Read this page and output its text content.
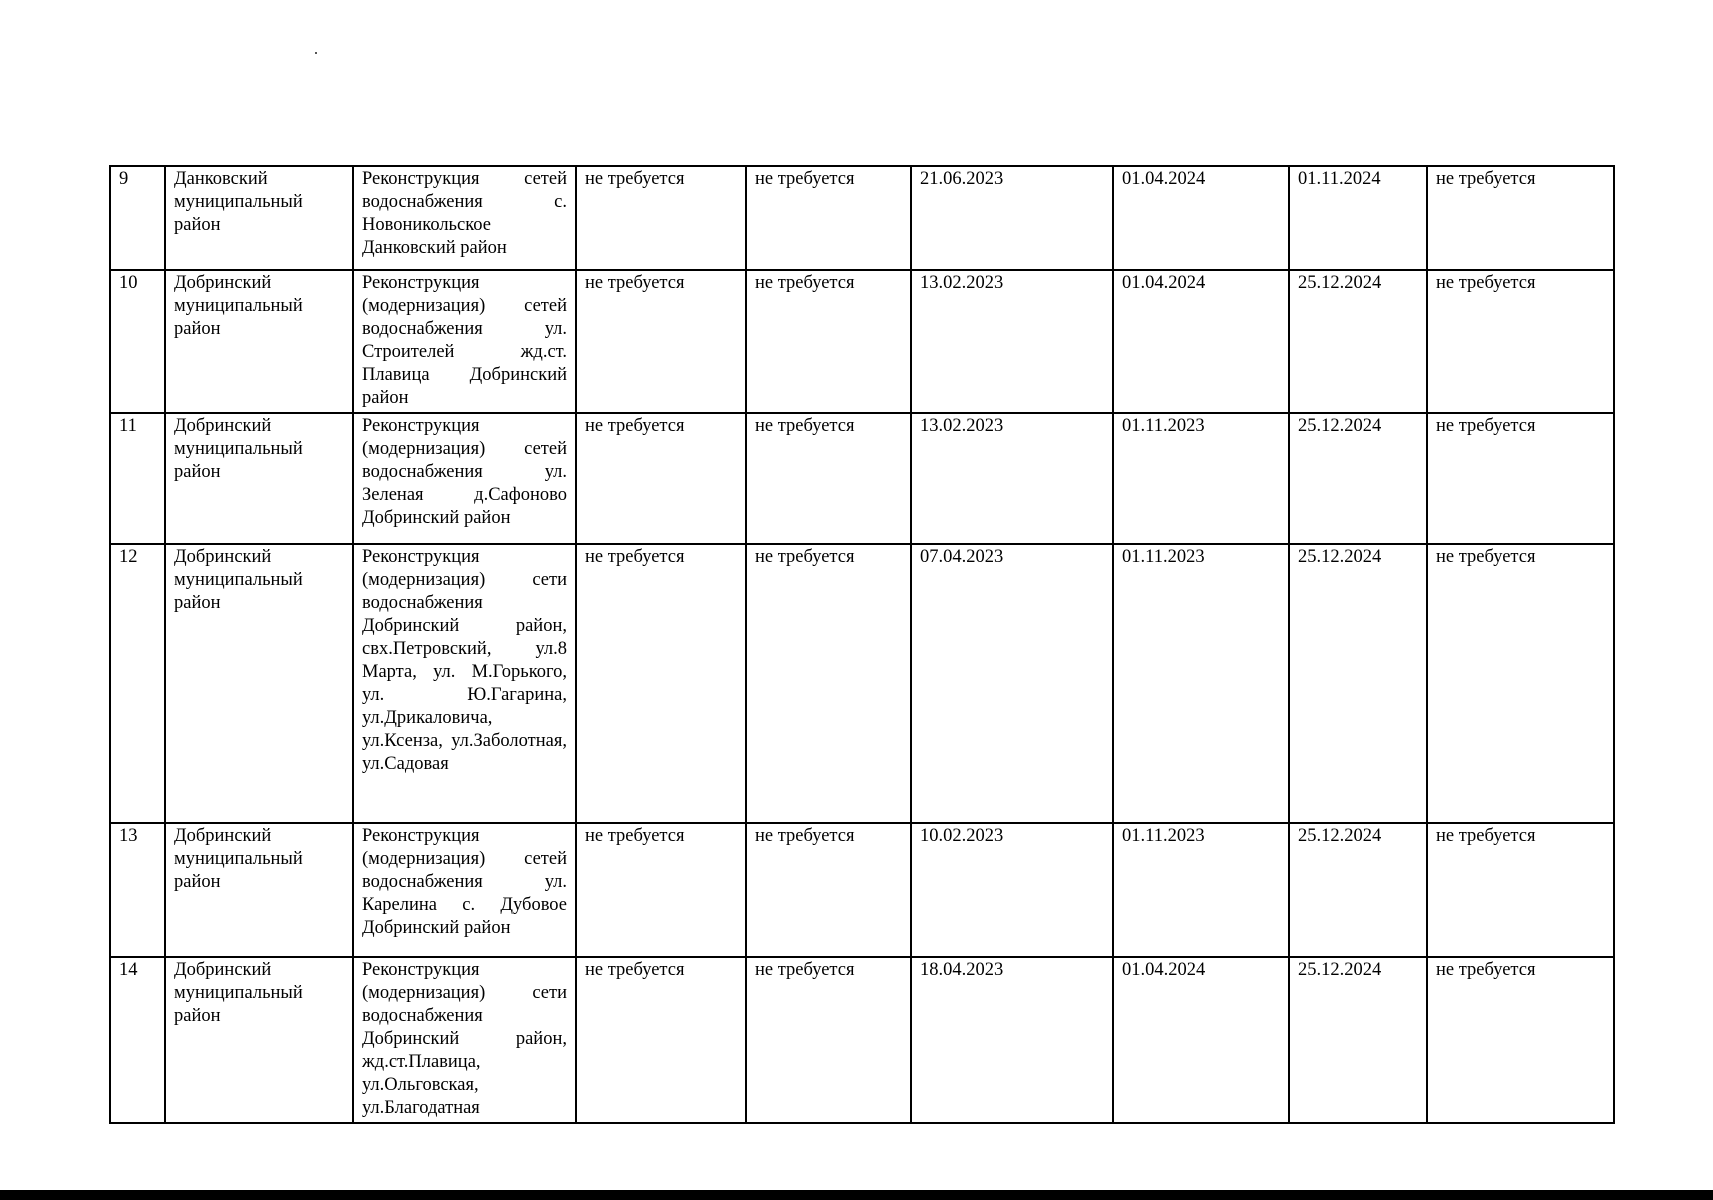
9	Данковский муниципальный район	Реконструкция сетей водоснабжения с. Новоникольское Данковский район	не требуется	не требуется	21.06.2023	01.04.2024	01.11.2024	не требуется
10	Добринский муниципальный район	Реконструкция (модернизация) сетей водоснабжения ул. Строителей жд.ст. Плавица Добринский район	не требуется	не требуется	13.02.2023	01.04.2024	25.12.2024	не требуется
11	Добринский муниципальный район	Реконструкция (модернизация) сетей водоснабжения ул. Зеленая д.Сафоново Добринский район	не требуется	не требуется	13.02.2023	01.11.2023	25.12.2024	не требуется
12	Добринский муниципальный район	Реконструкция (модернизация) сети водоснабжения Добринский район, свх.Петровский, ул.8 Марта, ул. М.Горького, ул. Ю.Гагарина, ул.Дрикаловича, ул.Ксенза, ул.Заболотная, ул.Садовая	не требуется	не требуется	07.04.2023	01.11.2023	25.12.2024	не требуется
13	Добринский муниципальный район	Реконструкция (модернизация) сетей водоснабжения ул. Карелина с. Дубовое Добринский район	не требуется	не требуется	10.02.2023	01.11.2023	25.12.2024	не требуется
14	Добринский муниципальный район	Реконструкция (модернизация) сети водоснабжения Добринский район, жд.ст.Плавица, ул.Ольговская, ул.Благодатная	не требуется	не требуется	18.04.2023	01.04.2024	25.12.2024	не требуется
